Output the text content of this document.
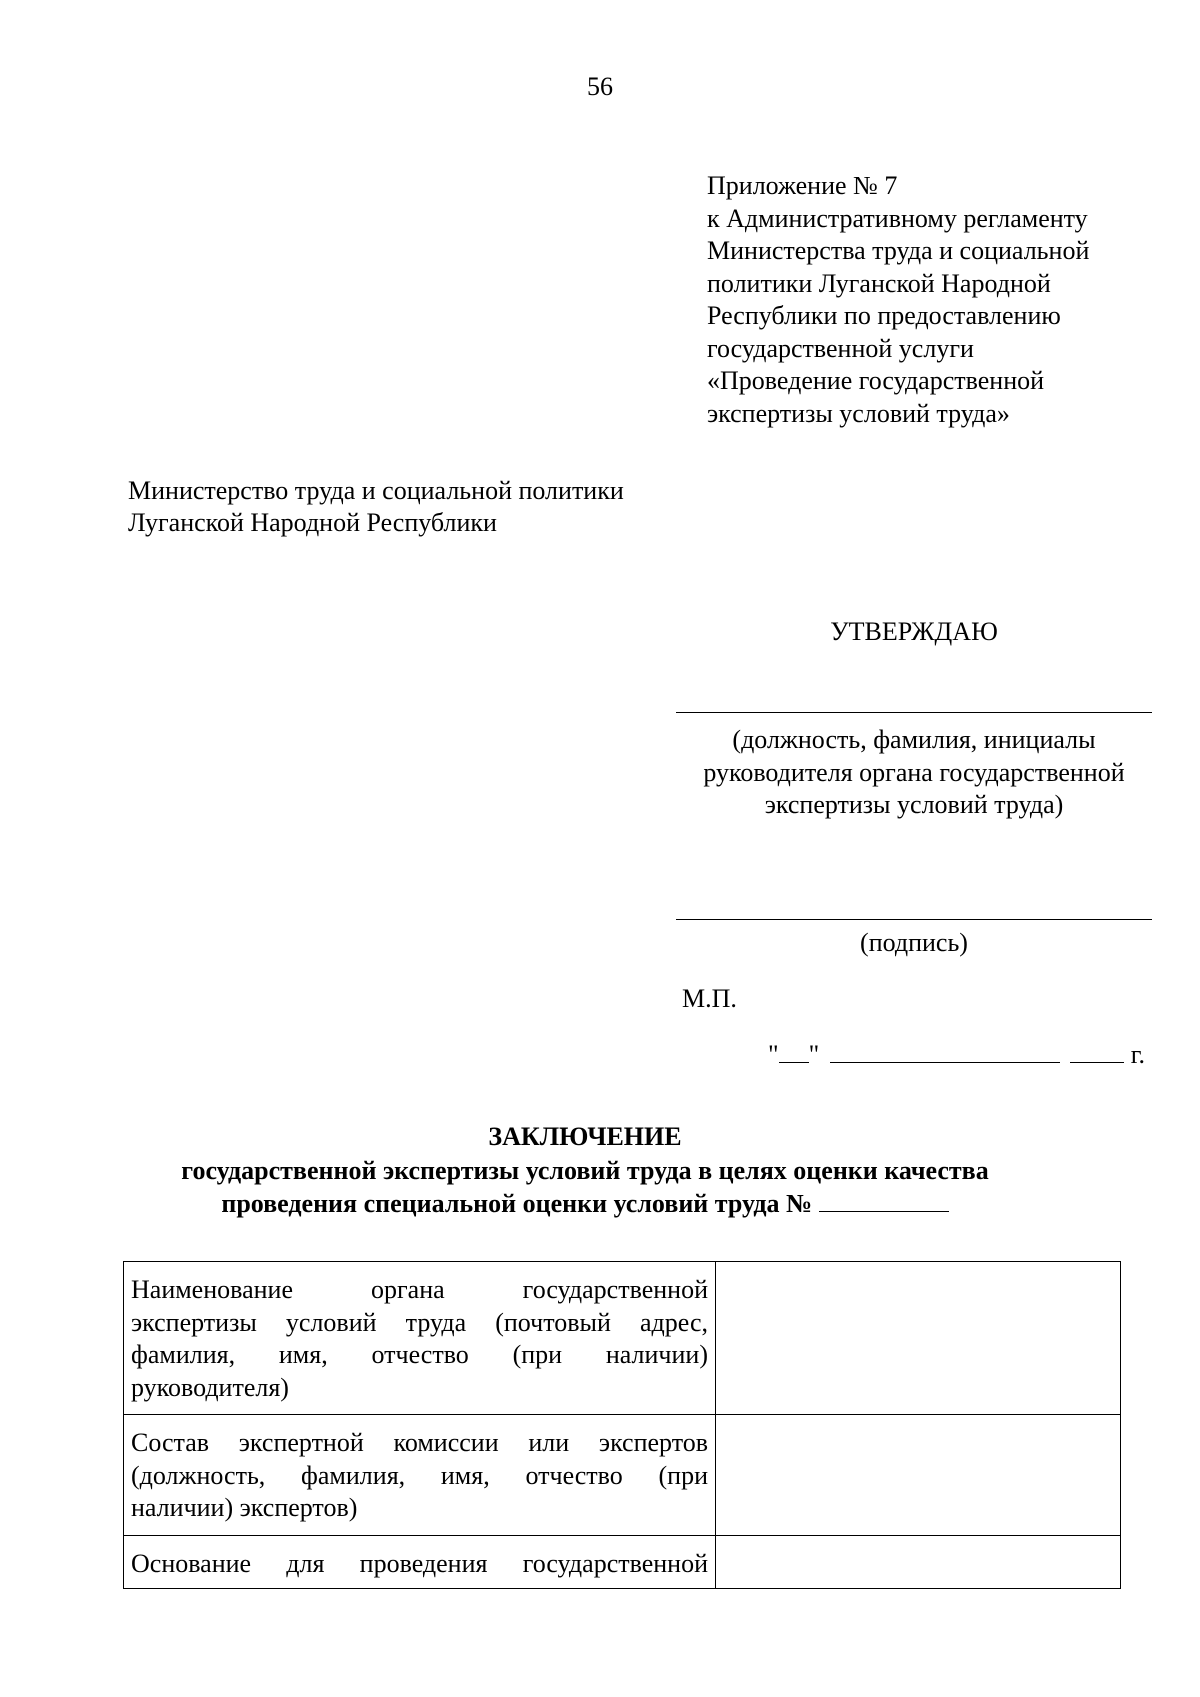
56
Приложение № 7
к Административному регламенту
Министерства труда и социальной
политики Луганской Народной
Республики по предоставлению
государственной услуги
«Проведение государственной
экспертизы условий труда»
Министерство труда и социальной политики
Луганской Народной Республики
УТВЕРЖДАЮ
(должность, фамилия, инициалы руководителя органа государственной экспертизы условий труда)
(подпись)
М.П.
" "	г.
ЗАКЛЮЧЕНИЕ
государственной экспертизы условий труда в целях оценки качества
проведения специальной оценки условий труда №
Наименование органа государственной
экспертизы условий труда (почтовый адрес,
фамилия, имя, отчество (при наличии)
руководителя)	

Состав экспертной комиссии или экспертов
(должность, фамилия, имя, отчество (при
наличии) экспертов)	

Основание для проведения государственной	
